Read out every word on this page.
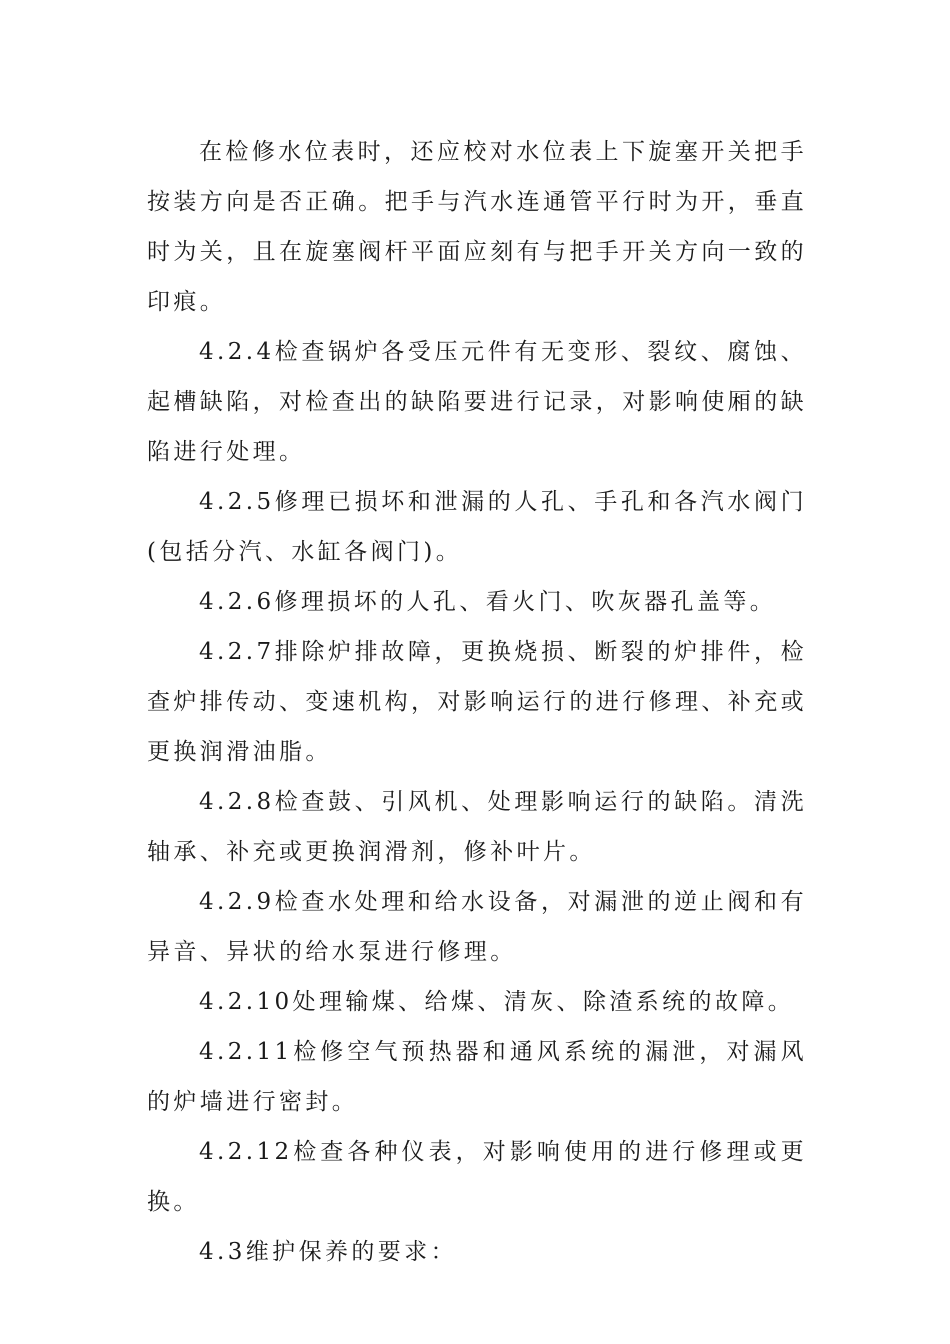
在检修水位表时，还应校对水位表上下旋塞开关把手按装方向是否正确。把手与汽水连通管平行时为开，垂直时为关，且在旋塞阀杆平面应刻有与把手开关方向一致的印痕。

4.2.4检查锅炉各受压元件有无变形、裂纹、腐蚀、起槽缺陷，对检查出的缺陷要进行记录，对影响使厢的缺陷进行处理。

4.2.5修理已损坏和泄漏的人孔、手孔和各汽水阀门(包括分汽、水缸各阀门)。

4.2.6修理损坏的人孔、看火门、吹灰器孔盖等。

4.2.7排除炉排故障，更换烧损、断裂的炉排件，检查炉排传动、变速机构，对影响运行的进行修理、补充或更换润滑油脂。

4.2.8检查鼓、引风机、处理影响运行的缺陷。清洗轴承、补充或更换润滑剂，修补叶片。

4.2.9检查水处理和给水设备，对漏泄的逆止阀和有异音、异状的给水泵进行修理。

4.2.10处理输煤、给煤、清灰、除渣系统的故障。

4.2.11检修空气预热器和通风系统的漏泄，对漏风的炉墙进行密封。

4.2.12检查各种仪表，对影响使用的进行修理或更换。

4.3维护保养的要求：
